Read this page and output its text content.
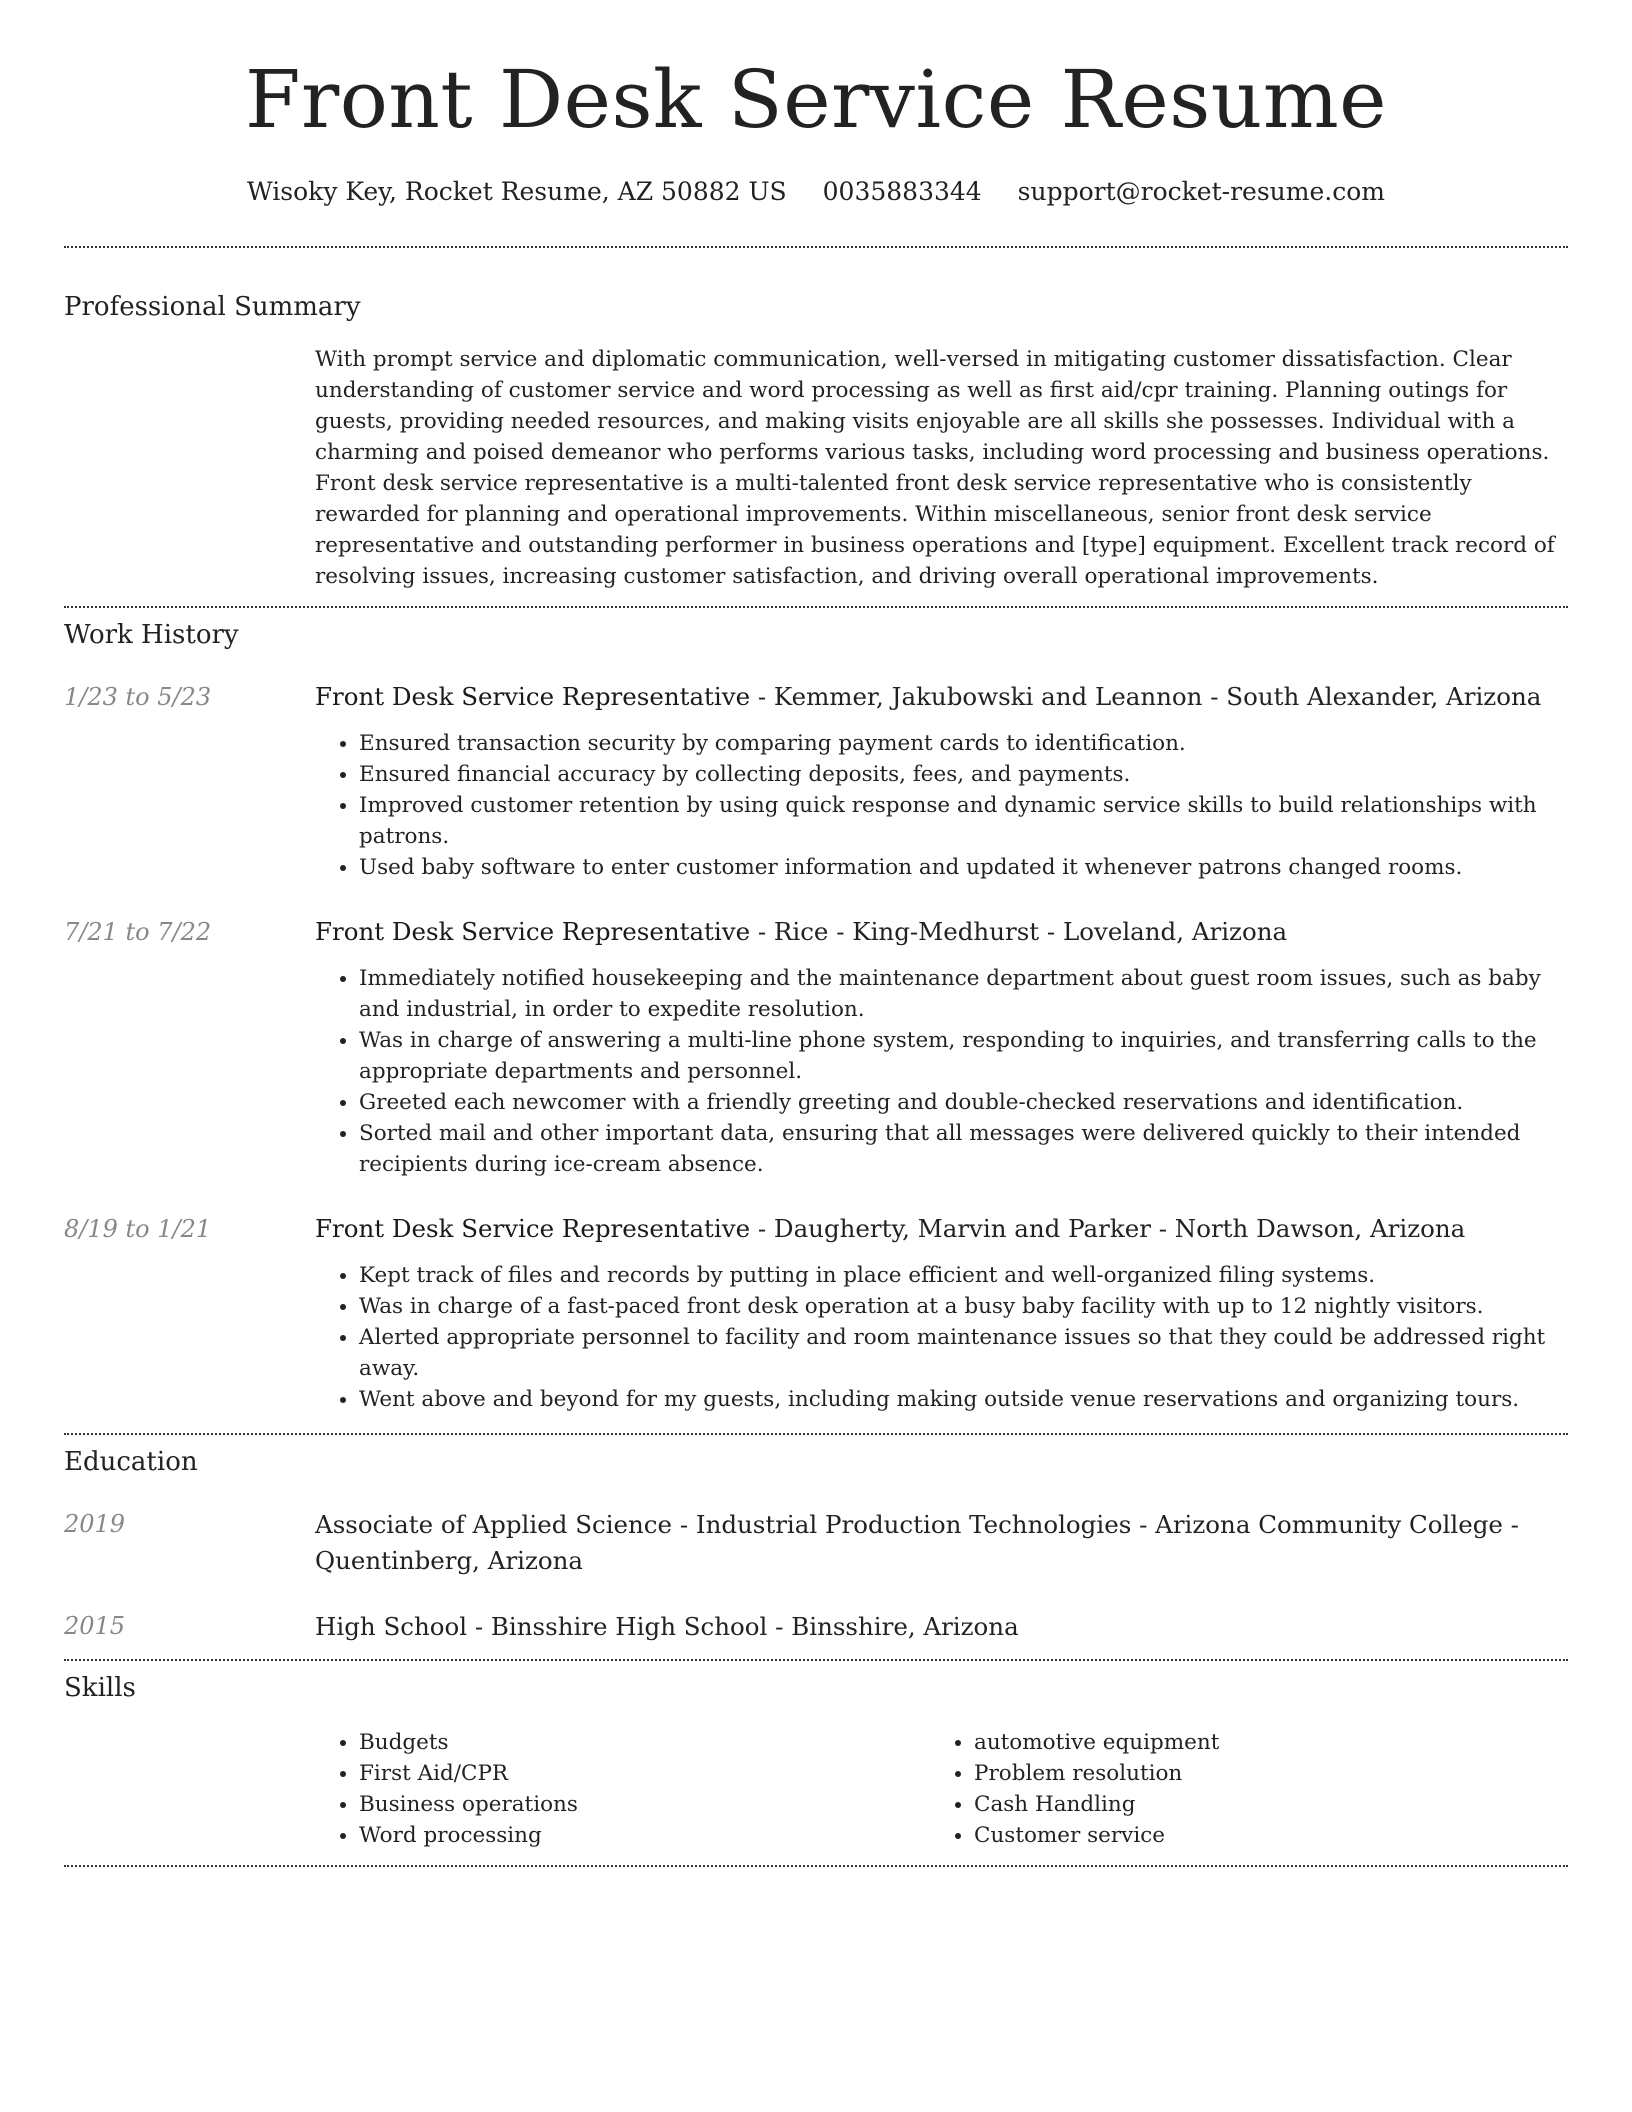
Front Desk Service Resume
Wisoky Key, Rocket Resume, AZ 50882 US 0035883344 support@rocket-resume.com
Professional Summary
With prompt service and diplomatic communication, well-versed in mitigating customer dissatisfaction. Clear understanding of customer service and word processing as well as first aid/cpr training. Planning outings for guests, providing needed resources, and making visits enjoyable are all skills she possesses. Individual with a charming and poised demeanor who performs various tasks, including word processing and business operations. Front desk service representative is a multi-talented front desk service representative who is consistently rewarded for planning and operational improvements. Within miscellaneous, senior front desk service representative and outstanding performer in business operations and [type] equipment. Excellent track record of resolving issues, increasing customer satisfaction, and driving overall operational improvements.
Work History
1/23 to 5/23	Front Desk Service Representative - Kemmer, Jakubowski and Leannon - South Alexander, Arizona
• Ensured transaction security by comparing payment cards to identification.
• Ensured financial accuracy by collecting deposits, fees, and payments.
• Improved customer retention by using quick response and dynamic service skills to build relationships with patrons.
• Used baby software to enter customer information and updated it whenever patrons changed rooms.
7/21 to 7/22	Front Desk Service Representative - Rice - King-Medhurst - Loveland, Arizona
• Immediately notified housekeeping and the maintenance department about guest room issues, such as baby and industrial, in order to expedite resolution.
• Was in charge of answering a multi-line phone system, responding to inquiries, and transferring calls to the appropriate departments and personnel.
• Greeted each newcomer with a friendly greeting and double-checked reservations and identification.
• Sorted mail and other important data, ensuring that all messages were delivered quickly to their intended recipients during ice-cream absence.
8/19 to 1/21	Front Desk Service Representative - Daugherty, Marvin and Parker - North Dawson, Arizona
• Kept track of files and records by putting in place efficient and well-organized filing systems.
• Was in charge of a fast-paced front desk operation at a busy baby facility with up to 12 nightly visitors.
• Alerted appropriate personnel to facility and room maintenance issues so that they could be addressed right away.
• Went above and beyond for my guests, including making outside venue reservations and organizing tours.
Education
2019	Associate of Applied Science - Industrial Production Technologies - Arizona Community College - Quentinberg, Arizona
2015	High School - Binsshire High School - Binsshire, Arizona
Skills
• Budgets
• First Aid/CPR
• Business operations
• Word processing
• automotive equipment
• Problem resolution
• Cash Handling
• Customer service
